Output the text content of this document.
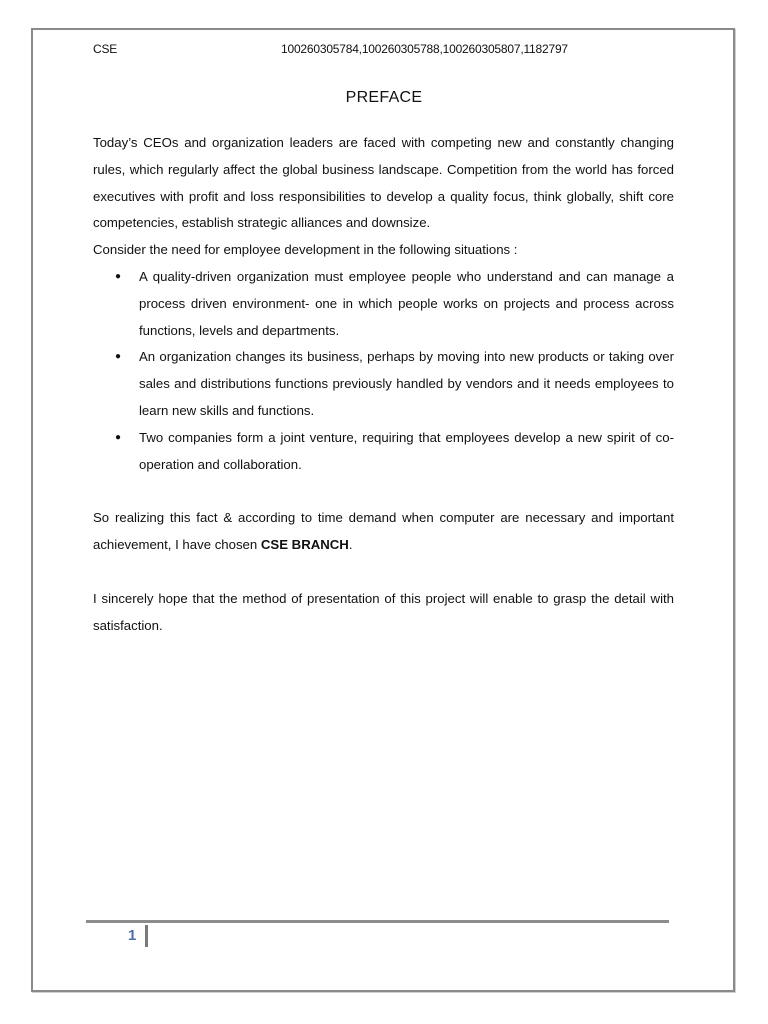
CSE	100260305784,100260305788,100260305807,1182797
PREFACE

Today’s CEOs and organization leaders are faced with competing new and constantly changing rules, which regularly affect the global business landscape. Competition from the world has forced executives with profit and loss responsibilities to develop a quality focus, think globally, shift core competencies, establish strategic alliances and downsize.

Consider the need for employee development in the following situations :

● A quality-driven organization must employee people who understand and can manage a process driven environment- one in which people works on projects and process across functions, levels and departments.
● An organization changes its business, perhaps by moving into new products or taking over sales and distributions functions previously handled by vendors and it needs employees to learn new skills and functions.
● Two companies form a joint venture, requiring that employees develop a new spirit of co-operation and collaboration.

So realizing this fact & according to time demand when computer are necessary and important achievement, I have chosen CSE BRANCH.

I sincerely hope that the method of presentation of this project will enable to grasp the detail with satisfaction.

1
